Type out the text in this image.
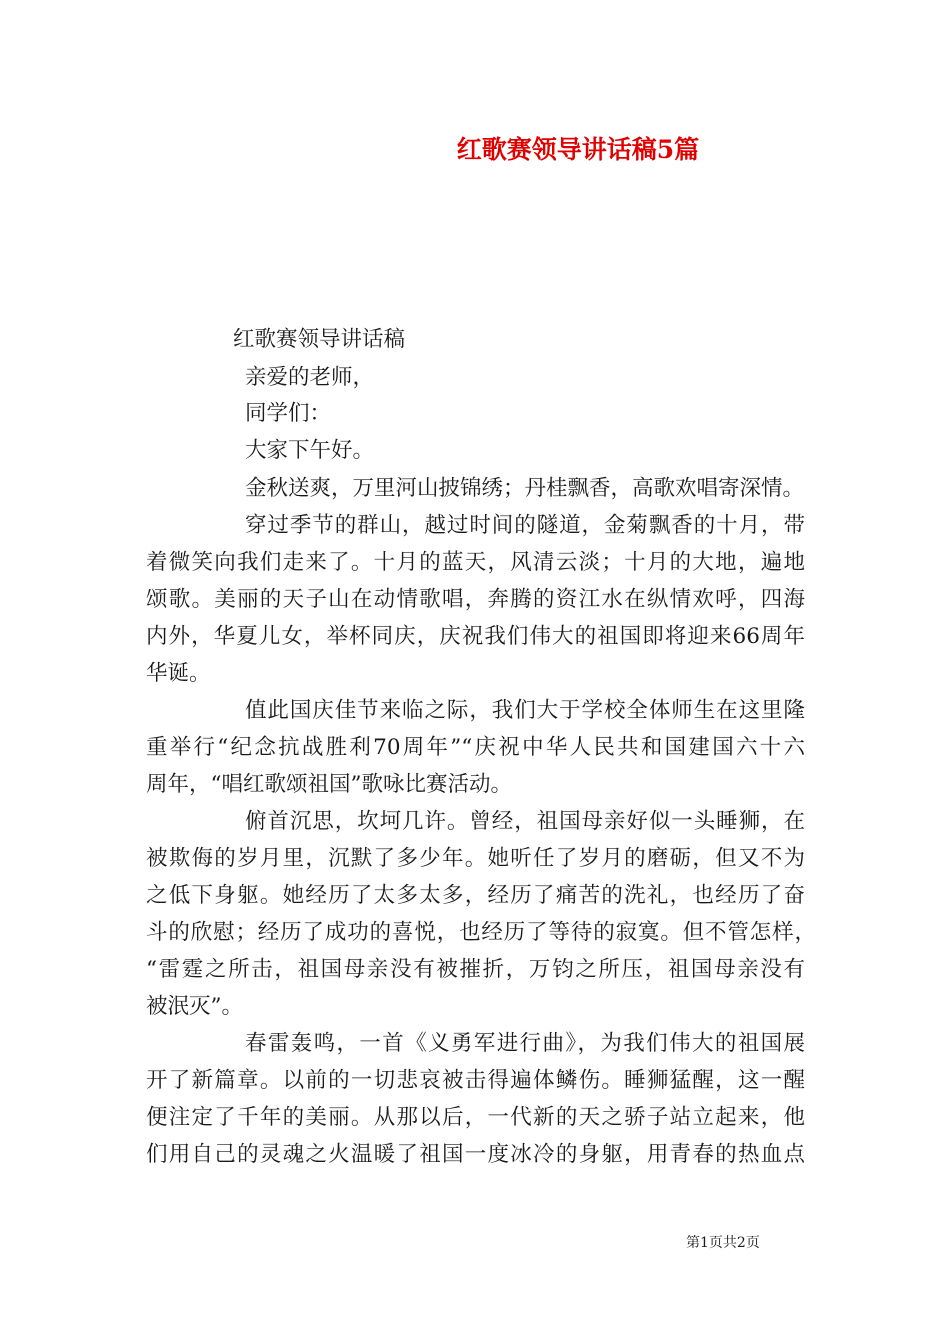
红歌赛领导讲话稿5篇
红歌赛领导讲话稿
亲爱的老师，
同学们：
大家下午好。
金秋送爽，万里河山披锦绣；丹桂飘香，高歌欢唱寄深情。
穿过季节的群山，越过时间的隧道，金菊飘香的十月，带
着微笑向我们走来了。十月的蓝天，风清云淡；十月的大地，遍地
颂歌。美丽的天子山在动情歌唱，奔腾的资江水在纵情欢呼，四海
内外，华夏儿女，举杯同庆，庆祝我们伟大的祖国即将迎来66周年
华诞。
值此国庆佳节来临之际，我们大于学校全体师生在这里隆
重举行“纪念抗战胜利70周年”“庆祝中华人民共和国建国六十六
周年，“唱红歌颂祖国”歌咏比赛活动。
俯首沉思，坎坷几许。曾经，祖国母亲好似一头睡狮，在
被欺侮的岁月里，沉默了多少年。她听任了岁月的磨砺，但又不为
之低下身躯。她经历了太多太多，经历了痛苦的洗礼，也经历了奋
斗的欣慰；经历了成功的喜悦，也经历了等待的寂寞。但不管怎样，
“雷霆之所击，祖国母亲没有被摧折，万钧之所压，祖国母亲没有
被泯灭”。
春雷轰鸣，一首《义勇军进行曲》，为我们伟大的祖国展
开了新篇章。以前的一切悲哀被击得遍体鳞伤。睡狮猛醒，这一醒
便注定了千年的美丽。从那以后，一代新的天之骄子站立起来，他
们用自己的灵魂之火温暖了祖国一度冰冷的身躯，用青春的热血点
第1页共2页
